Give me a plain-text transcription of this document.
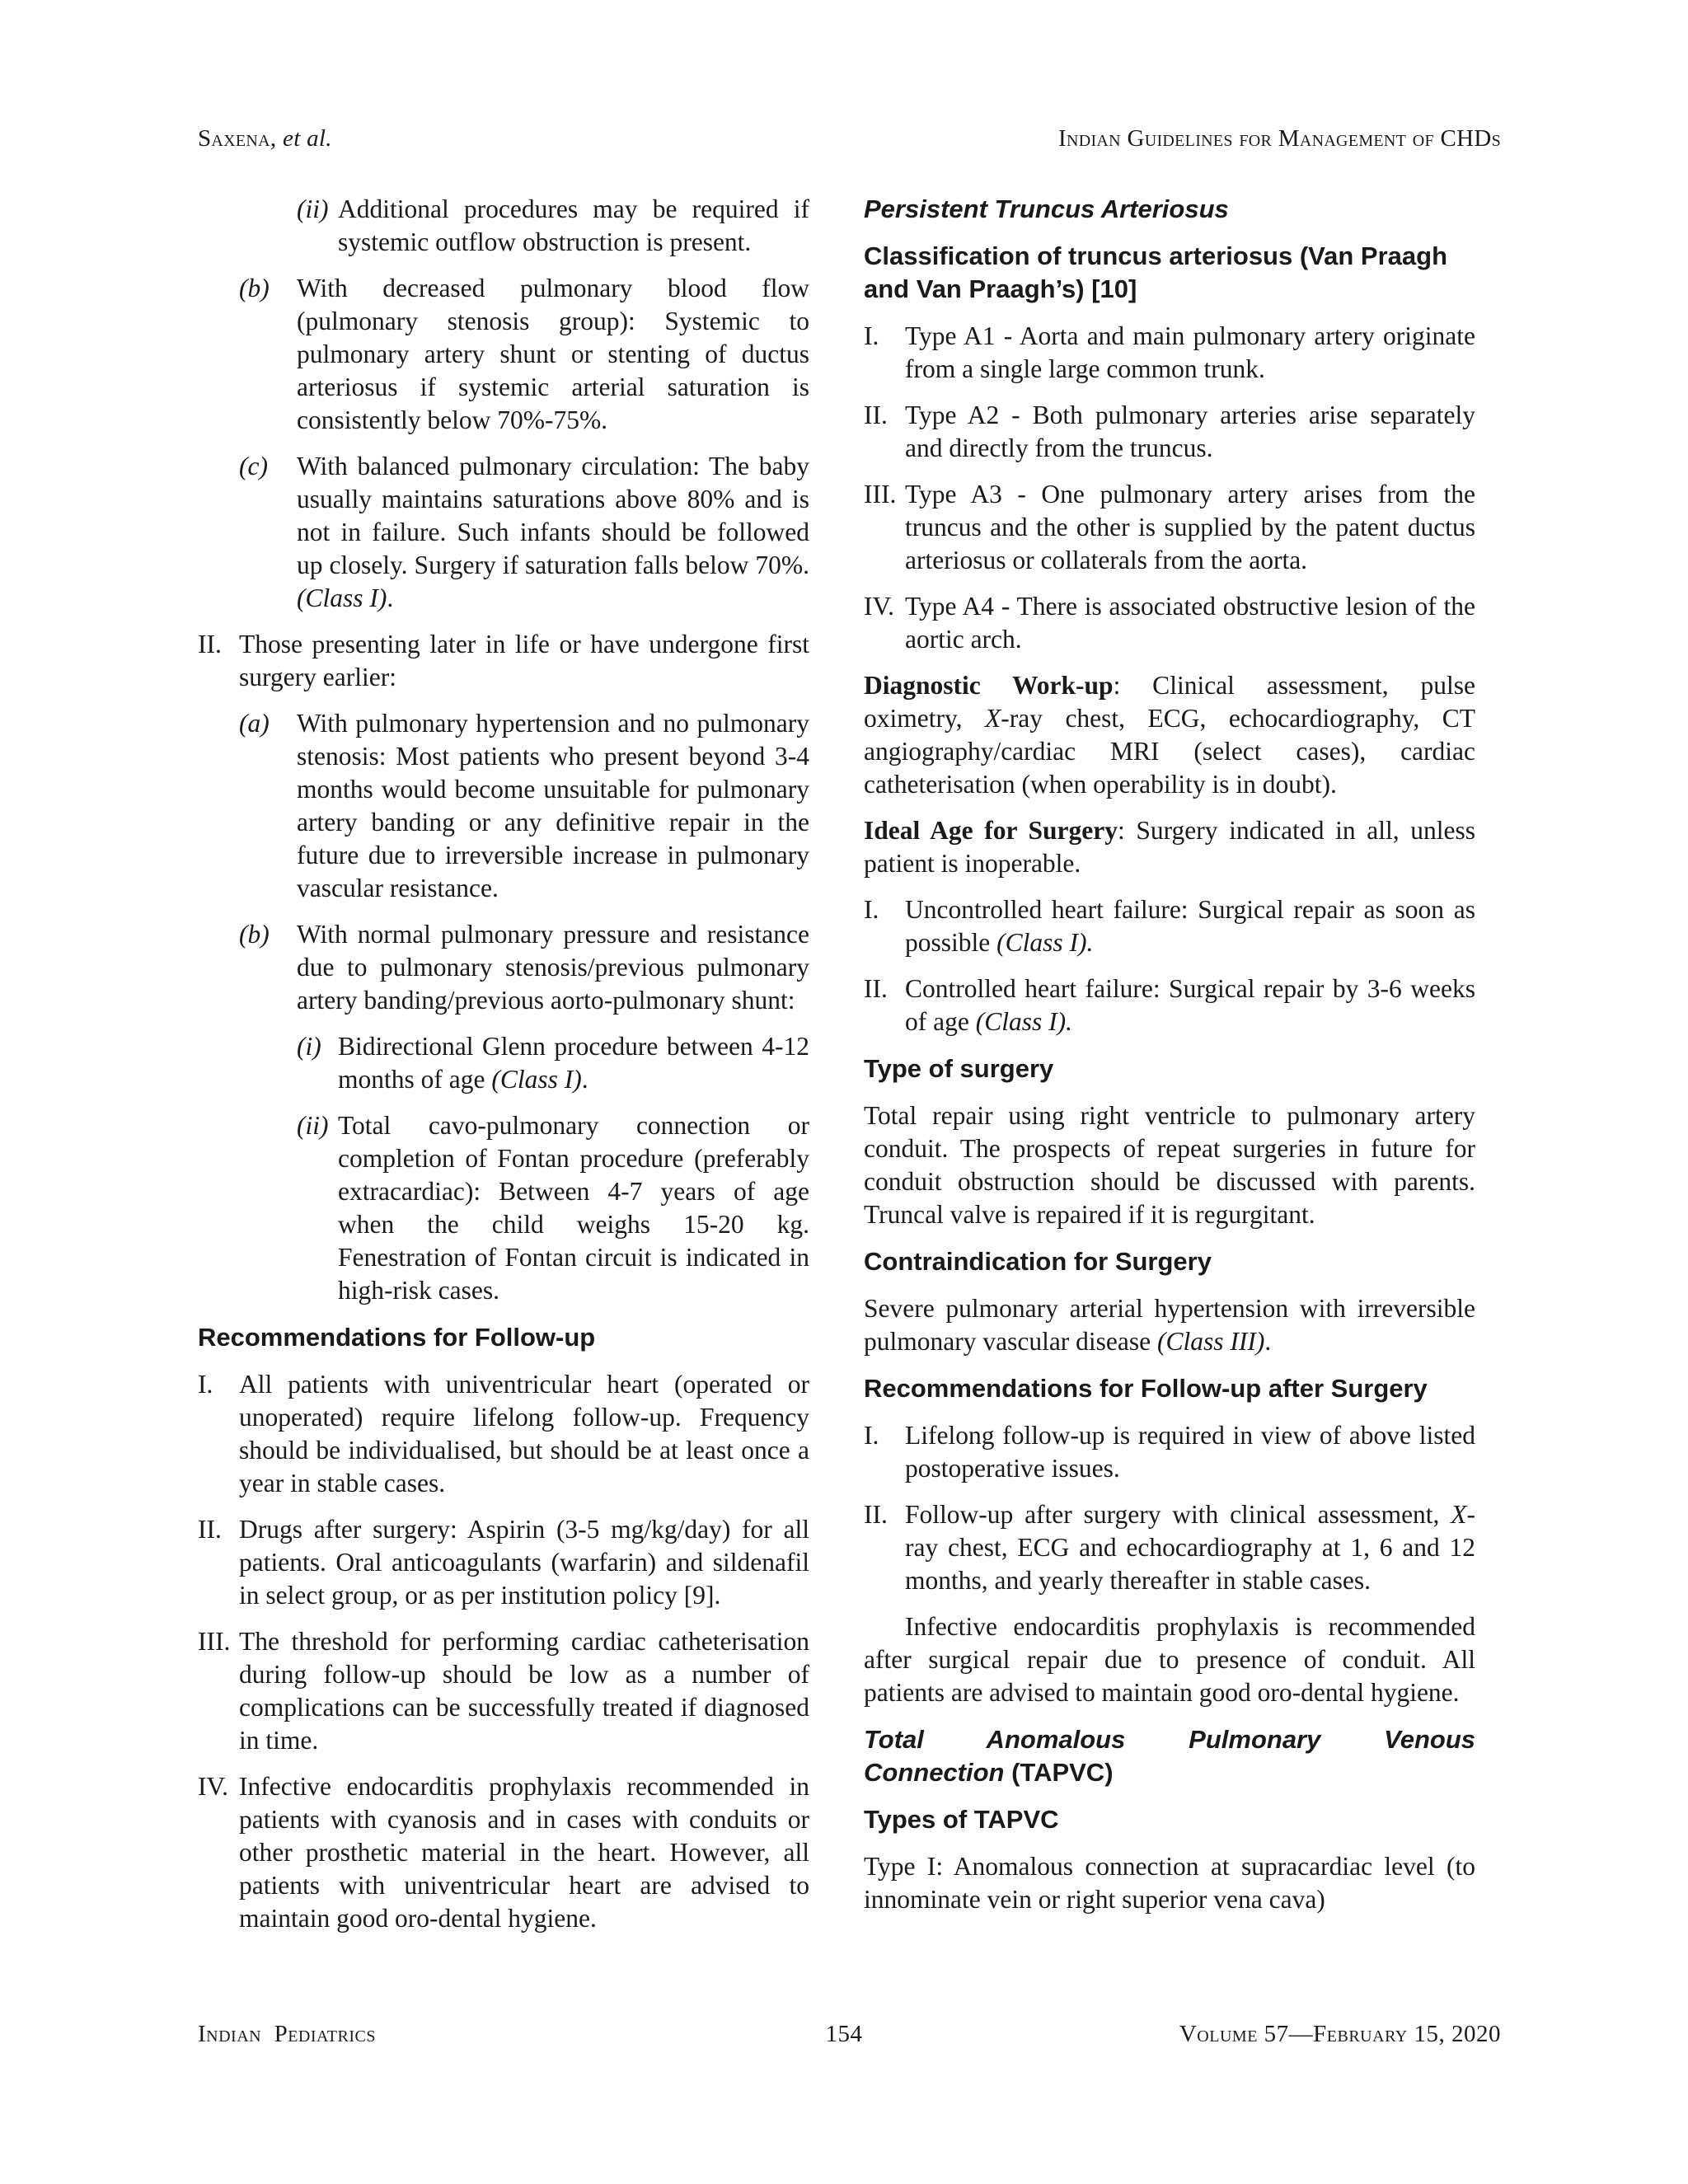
Saxena, et al.	Indian Guidelines for Management of CHDs
(ii) Additional procedures may be required if systemic outflow obstruction is present.
(b)	With decreased pulmonary blood flow (pulmonary stenosis group): Systemic to pulmonary artery shunt or stenting of ductus arteriosus if systemic arterial saturation is consistently below 70%-75%.
(c)	With balanced pulmonary circulation: The baby usually maintains saturations above 80% and is not in failure. Such infants should be followed up closely. Surgery if saturation falls below 70%. (Class I).
II. Those presenting later in life or have undergone first surgery earlier:
(a)	With pulmonary hypertension and no pulmonary stenosis: Most patients who present beyond 3-4 months would become unsuitable for pulmonary artery banding or any definitive repair in the future due to irreversible increase in pulmonary vascular resistance.
(b)	With normal pulmonary pressure and resistance due to pulmonary stenosis/previous pulmonary artery banding/previous aorto-pulmonary shunt:
(i) Bidirectional Glenn procedure between 4-12 months of age (Class I).
(ii) Total cavo-pulmonary connection or completion of Fontan procedure (preferably extracardiac): Between 4-7 years of age when the child weighs 15-20 kg. Fenestration of Fontan circuit is indicated in high-risk cases.
Recommendations for Follow-up
I.	All patients with univentricular heart (operated or unoperated) require lifelong follow-up. Frequency should be individualised, but should be at least once a year in stable cases.
II. Drugs after surgery: Aspirin (3-5 mg/kg/day) for all patients. Oral anticoagulants (warfarin) and sildenafil in select group, or as per institution policy [9].
III. The threshold for performing cardiac catheterisation during follow-up should be low as a number of complications can be successfully treated if diagnosed in time.
IV. Infective endocarditis prophylaxis recommended in patients with cyanosis and in cases with conduits or other prosthetic material in the heart. However, all patients with univentricular heart are advised to maintain good oro-dental hygiene.
Persistent Truncus Arteriosus
Classification of truncus arteriosus (Van Praagh and Van Praagh’s) [10]
I.	Type A1 - Aorta and main pulmonary artery originate from a single large common trunk.
II. Type A2 - Both pulmonary arteries arise separately and directly from the truncus.
III. Type A3 - One pulmonary artery arises from the truncus and the other is supplied by the patent ductus arteriosus or collaterals from the aorta.
IV. Type A4 - There is associated obstructive lesion of the aortic arch.

Diagnostic Work-up: Clinical assessment, pulse oximetry, X-ray chest, ECG, echocardiography, CT angiography/cardiac MRI (select cases), cardiac catheterisation (when operability is in doubt).

Ideal Age for Surgery: Surgery indicated in all, unless patient is inoperable.

I.	Uncontrolled heart failure: Surgical repair as soon as possible (Class I).
II. Controlled heart failure: Surgical repair by 3-6 weeks of age (Class I).
Type of surgery

Total repair using right ventricle to pulmonary artery conduit. The prospects of repeat surgeries in future for conduit obstruction should be discussed with parents. Truncal valve is repaired if it is regurgitant.

Contraindication for Surgery

Severe pulmonary arterial hypertension with irreversible pulmonary vascular disease (Class III).

Recommendations for Follow-up after Surgery
I.	Lifelong follow-up is required in view of above listed postoperative issues.
II. Follow-up after surgery with clinical assessment, X-ray chest, ECG and echocardiography at 1, 6 and 12 months, and yearly thereafter in stable cases.

Infective endocarditis prophylaxis is recommended after surgical repair due to presence of conduit. All patients are advised to maintain good oro-dental hygiene.

Total Anomalous Pulmonary Venous
Connection (TAPVC)
Types of TAPVC

Type I: Anomalous connection at supracardiac level (to innominate vein or right superior vena cava)

Indian  Pediatrics	154	Volume 57—February 15, 2020
